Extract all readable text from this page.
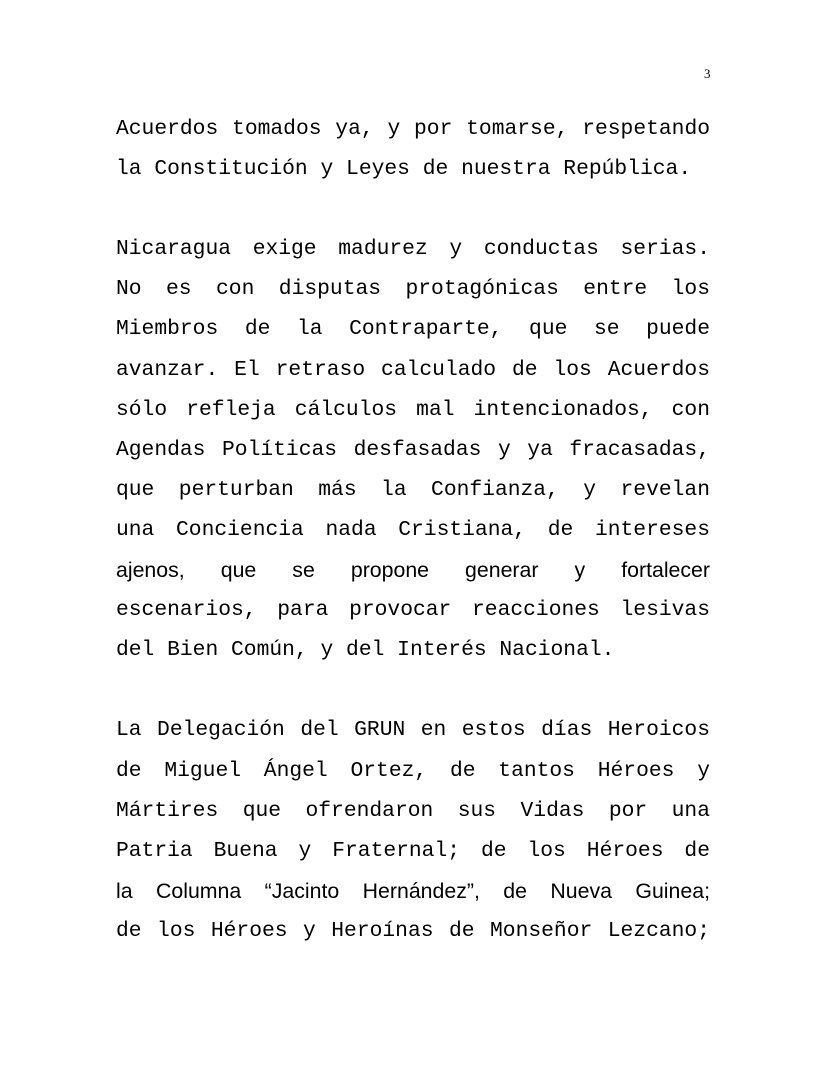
3

Acuerdos tomados ya, y por tomarse, respetando
la Constitución y Leyes de nuestra República.

Nicaragua exige madurez y conductas serias.
No es con disputas protagónicas entre los
Miembros de la Contraparte, que se puede
avanzar. El retraso calculado de los Acuerdos
sólo refleja cálculos mal intencionados, con
Agendas Políticas desfasadas y ya fracasadas,
que perturban más la Confianza, y revelan
una Conciencia nada Cristiana, de intereses
ajenos, que se propone generar y fortalecer
escenarios, para provocar reacciones lesivas
del Bien Común, y del Interés Nacional.

La Delegación del GRUN en estos días Heroicos
de Miguel Ángel Ortez, de tantos Héroes y
Mártires que ofrendaron sus Vidas por una
Patria Buena y Fraternal; de los Héroes de
la Columna “Jacinto Hernández”, de Nueva Guinea;
de los Héroes y Heroínas de Monseñor Lezcano;
